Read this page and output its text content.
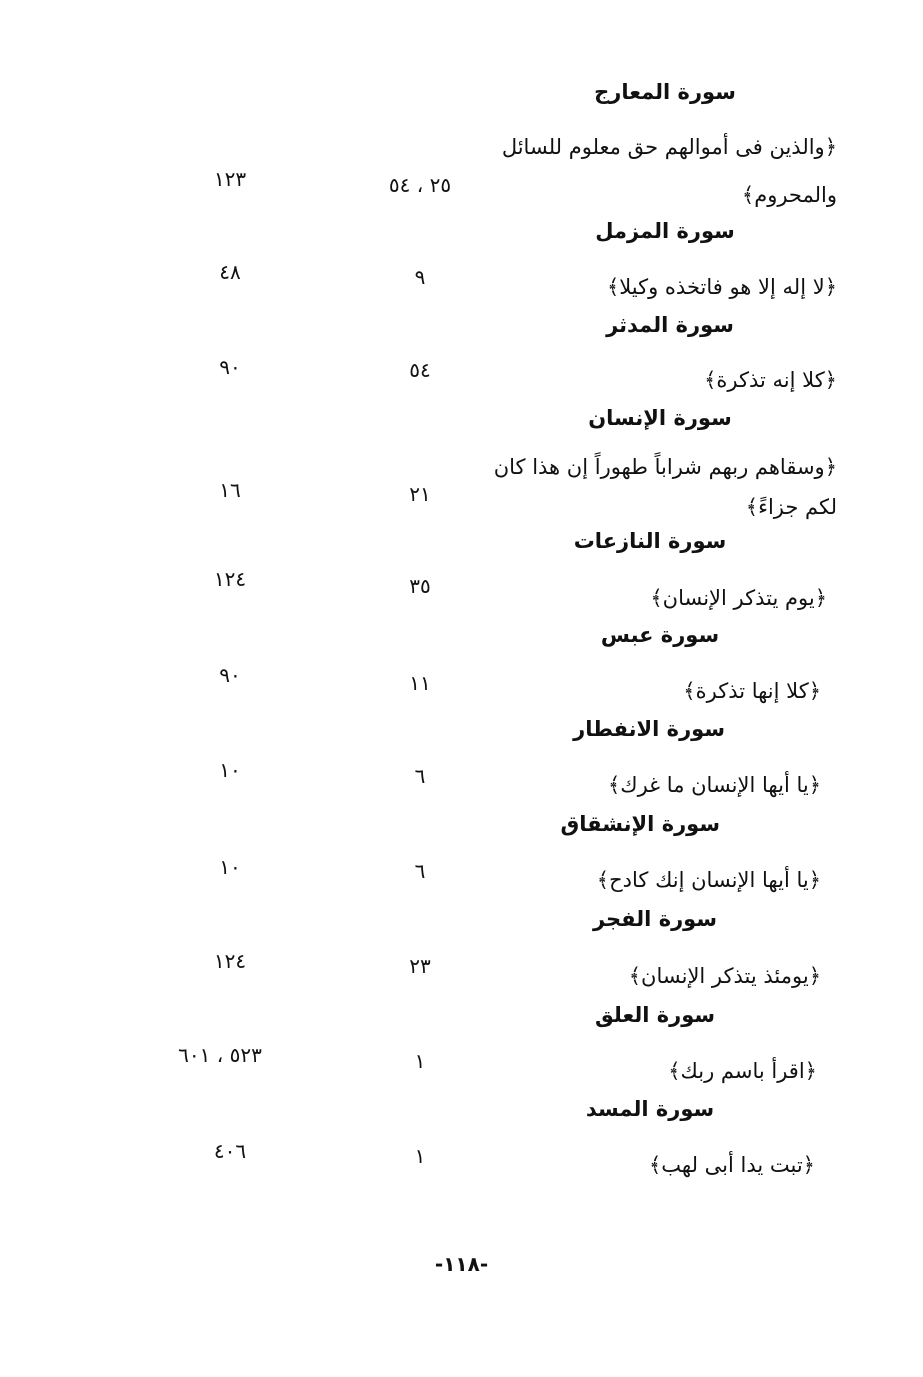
سورة المعارج
﴿والذين فى أموالهم حق معلوم للسائل
والمحروم﴾
٢٥ ، ٥٤
١٢٣
سورة المزمل
﴿لا إله إلا هو فاتخذه وكيلا﴾
٩
٤٨
سورة المدثر
﴿كلا إنه تذكرة﴾
٥٤
٩٠
سورة الإنسان
﴿وسقاهم ربهم شراباً طهوراً إن هذا كان
لكم جزاءً﴾
٢١
١٦
سورة النازعات
﴿يوم يتذكر الإنسان﴾
٣٥
١٢٤
سورة عبس
﴿كلا إنها تذكرة﴾
١١
٩٠
سورة الانفطار
﴿يا أيها الإنسان ما غرك﴾
٦
١٠
سورة الإنشقاق
﴿يا أيها الإنسان إنك كادح﴾
٦
١٠
سورة الفجر
﴿يومئذ يتذكر الإنسان﴾
٢٣
١٢٤
سورة العلق
﴿اقرأ باسم ربك﴾
١
٥٢٣ ، ٦٠١
سورة المسد
﴿تبت يدا أبى لهب﴾
١
٤٠٦
-١١٨-
